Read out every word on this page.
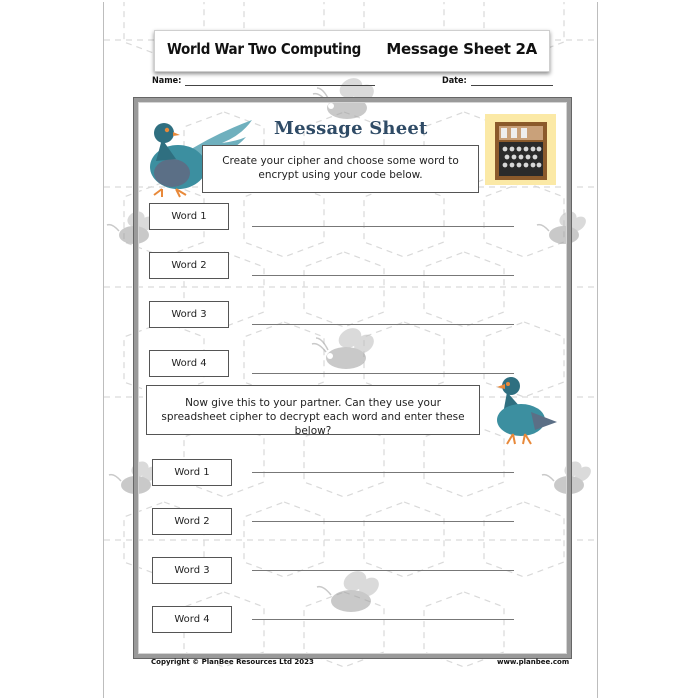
World War Two Computing Message Sheet 2A
Name:	Date:
Message Sheet
Create your cipher and choose some word to encrypt using your code below.
Word 1
Word 2
Word 3
Word 4
Now give this to your partner. Can they use your spreadsheet cipher to decrypt each word and enter these below?
Word 1
Word 2
Word 3
Word 4
Copyright © PlanBee Resources Ltd 2023	www.planbee.com
